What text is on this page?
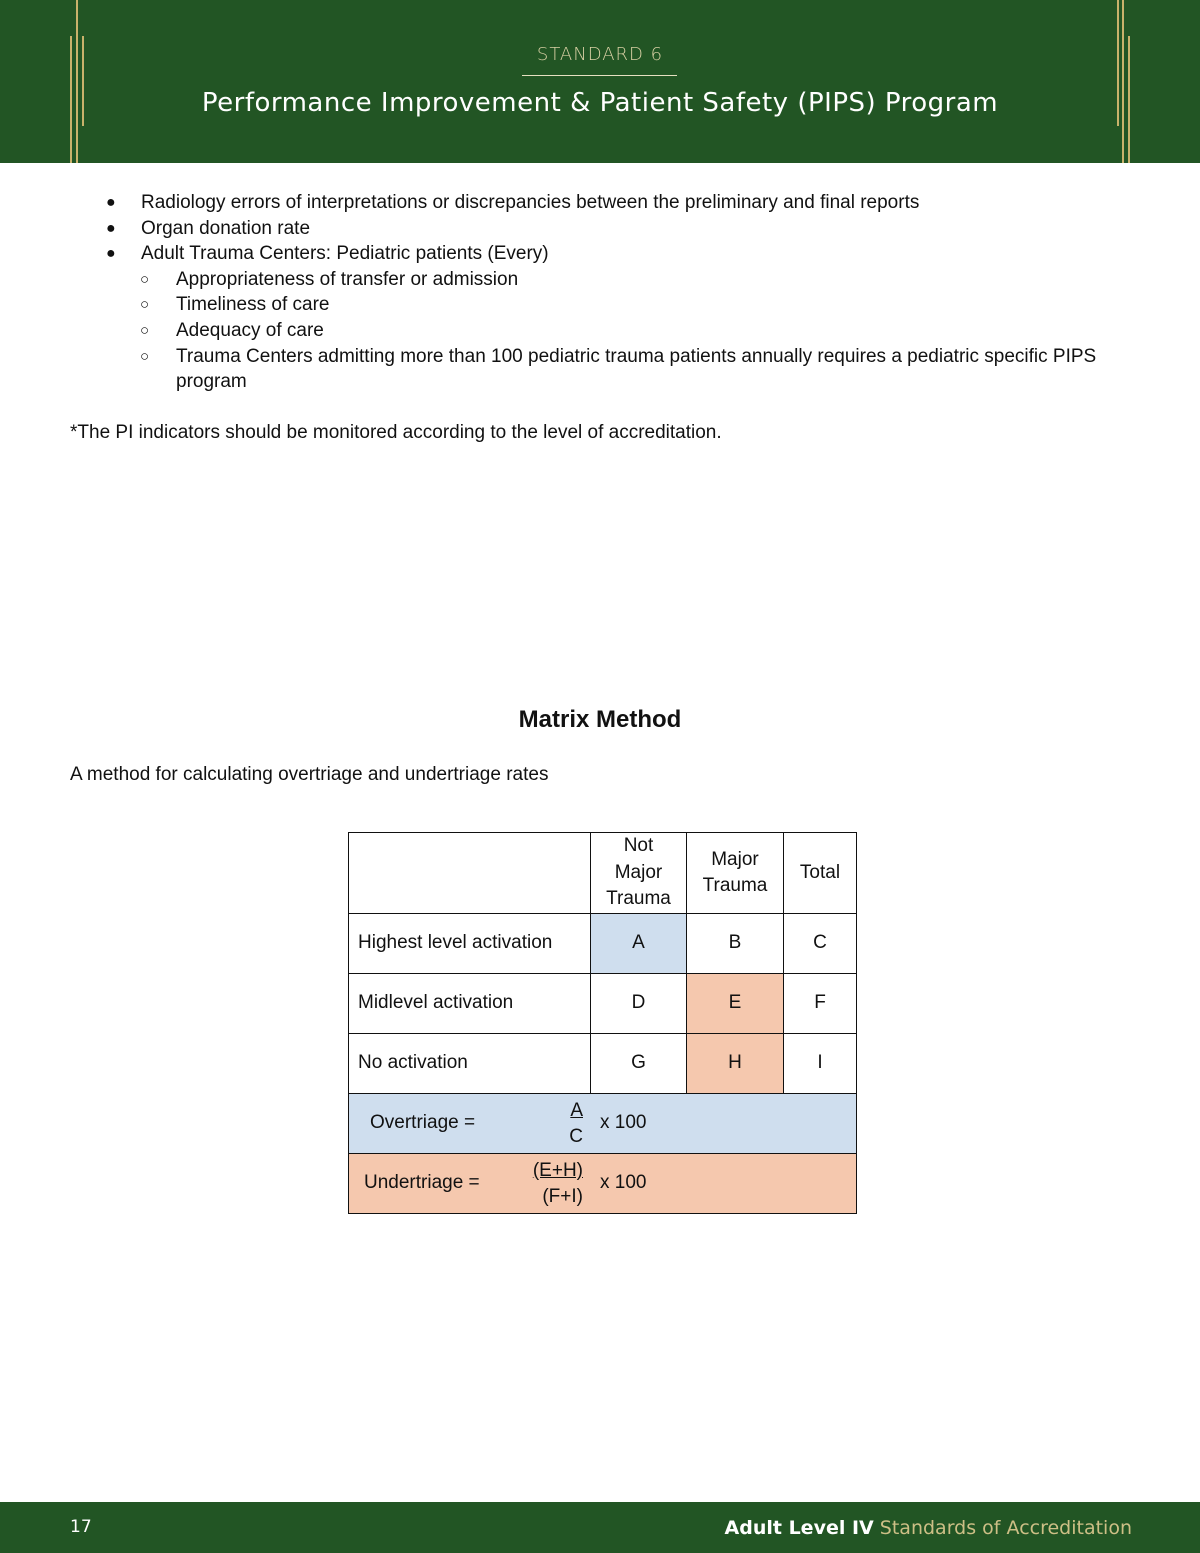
STANDARD 6
Performance Improvement & Patient Safety (PIPS) Program
●	Radiology errors of interpretations or discrepancies between the preliminary and final reports
●	Organ donation rate
●	Adult Trauma Centers: Pediatric patients (Every)
○	Appropriateness of transfer or admission
○	Timeliness of care
○	Adequacy of care
○	Trauma Centers admitting more than 100 pediatric trauma patients annually requires a pediatric specific PIPS program
*The PI indicators should be monitored according to the level of accreditation.
Matrix Method
A method for calculating overtriage and undertriage rates
	Not Major Trauma	Major Trauma	Total
Highest level activation	A	B	C
Midlevel activation	D	E	F
No activation	G	H	I

Overtriage = $\frac{A}{C}$ x 100			

Undertriage = $\frac{(E+H)}{(F+I)}$ x 100			
17	Adult Level IV Standards of Accreditation
